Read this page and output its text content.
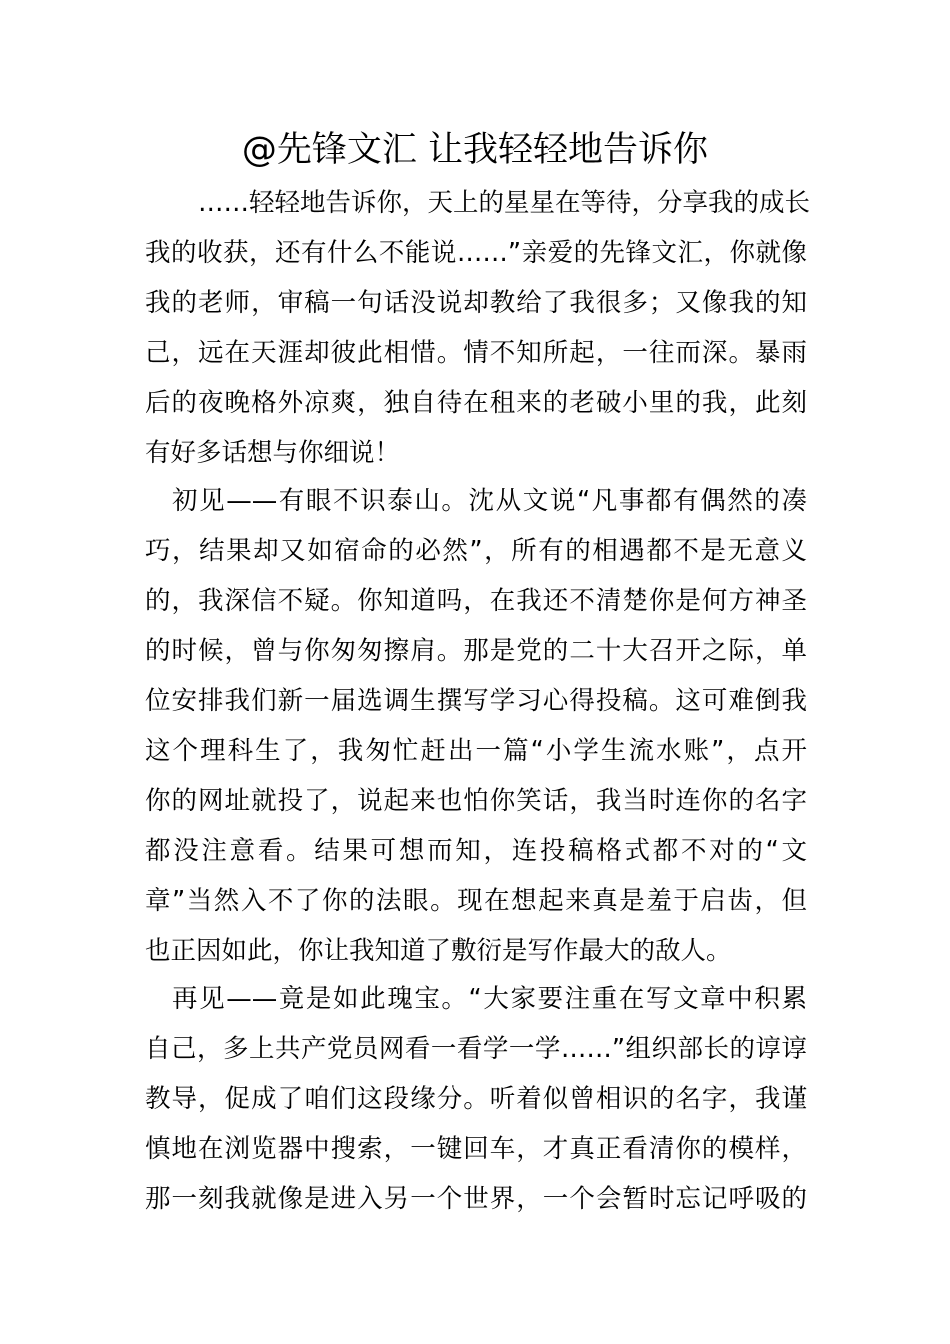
@先锋文汇 让我轻轻地告诉你
……轻轻地告诉你，天上的星星在等待，分享我的成长
我的收获，还有什么不能说……”亲爱的先锋文汇，你就像
我的老师，审稿一句话没说却教给了我很多；又像我的知
己，远在天涯却彼此相惜。情不知所起，一往而深。暴雨
后的夜晚格外凉爽，独自待在租来的老破小里的我，此刻
有好多话想与你细说！
初见——有眼不识泰山。沈从文说“凡事都有偶然的凑
巧，结果却又如宿命的必然”，所有的相遇都不是无意义
的，我深信不疑。你知道吗，在我还不清楚你是何方神圣
的时候，曾与你匆匆擦肩。那是党的二十大召开之际，单
位安排我们新一届选调生撰写学习心得投稿。这可难倒我
这个理科生了，我匆忙赶出一篇“小学生流水账”，点开
你的网址就投了，说起来也怕你笑话，我当时连你的名字
都没注意看。结果可想而知，连投稿格式都不对的“文
章”当然入不了你的法眼。现在想起来真是羞于启齿，但
也正因如此，你让我知道了敷衍是写作最大的敌人。
再见——竟是如此瑰宝。“大家要注重在写文章中积累
自己，多上共产党员网看一看学一学……”组织部长的谆谆
教导，促成了咱们这段缘分。听着似曾相识的名字，我谨
慎地在浏览器中搜索，一键回车，才真正看清你的模样，
那一刻我就像是进入另一个世界，一个会暂时忘记呼吸的
